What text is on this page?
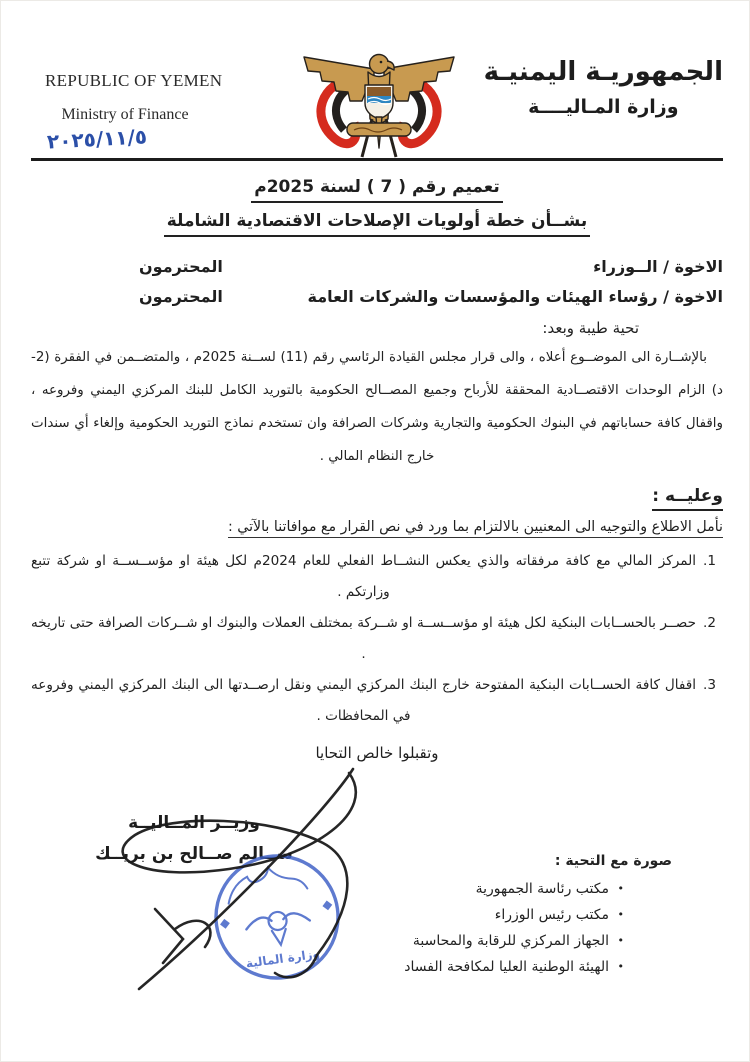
REPUBLIC OF YEMEN
Ministry of Finance
الجمهوريـة اليمنيـة
وزارة المـاليــــة
٢٠٢٥/١١/٥
تعميم رقم ( 7 ) لسنة 2025م
بشــأن خطة أولويات الإصلاحات الاقتصادية الشاملة
الاخوة / الــوزراء
المحترمون
الاخوة / رؤساء الهيئات والمؤسسات والشركات العامة
المحترمون
تحية طيبة وبعد:
بالإشــارة الى الموضــوع أعلاه ، والى قرار مجلس القيادة الرئاسي رقم (11) لســنة 2025م ، والمتضــمن في الفقرة (2-د) الزام الوحدات الاقتصــادية المحققة للأرباح وجميع المصــالح الحكومية بالتوريد الكامل للبنك المركزي اليمني وفروعه ، واقفال كافة حساباتهم في البنوك الحكومية والتجارية وشركات الصرافة وان تستخدم نماذج التوريد الحكومية وإلغاء أي سندات خارج النظام المالي .
وعليــه :
نأمل الاطلاع والتوجيه الى المعنيين بالالتزام بما ورد في نص القرار مع موافاتنا بالآتي :
1.
المركز المالي مع كافة مرفقاته والذي يعكس النشــاط الفعلي للعام 2024م لكل هيئة او مؤســســة او شركة تتبع وزارتكم .
2.
حصــر بالحســابات البنكية لكل هيئة او مؤســســة او شــركة بمختلف العملات والبنوك او شــركات الصرافة حتى تاريخه .
3.
اقفال كافة الحســابات البنكية المفتوحة خارج البنك المركزي اليمني ونقل ارصــدتها الى البنك المركزي اليمني وفروعه في المحافظات .
وتقبلوا خالص التحايا
وزيــر المــاليــة
ســالم صــالح بن بريــك
وزارة المالية
صورة مع التحية :
• مكتب رئاسة الجمهورية
• مكتب رئيس الوزراء
• الجهاز المركزي للرقابة والمحاسبة
• الهيئة الوطنية العليا لمكافحة الفساد
